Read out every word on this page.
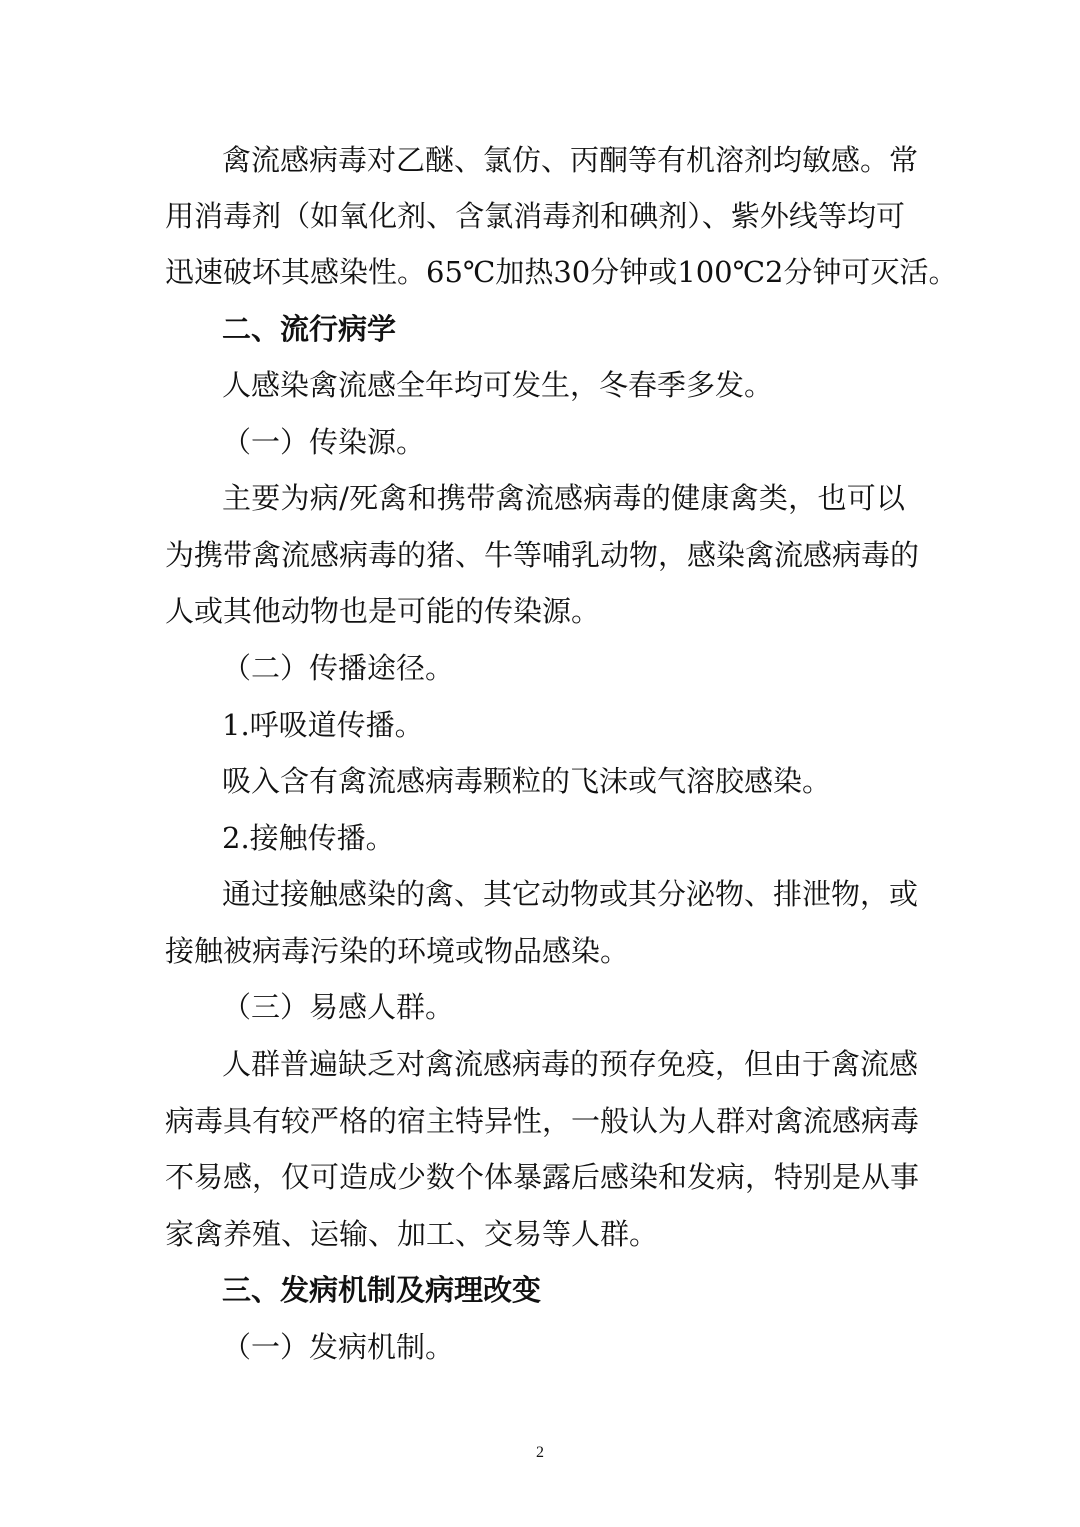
禽流感病毒对乙醚、氯仿、丙酮等有机溶剂均敏感。常
用消毒剂（如氧化剂、含氯消毒剂和碘剂）、紫外线等均可
迅速破坏其感染性。65℃加热30分钟或100℃2分钟可灭活。
二、流行病学
人感染禽流感全年均可发生，冬春季多发。
（一）传染源。
主要为病/死禽和携带禽流感病毒的健康禽类，也可以
为携带禽流感病毒的猪、牛等哺乳动物，感染禽流感病毒的
人或其他动物也是可能的传染源。
（二）传播途径。
1.呼吸道传播。
吸入含有禽流感病毒颗粒的飞沫或气溶胶感染。
2.接触传播。
通过接触感染的禽、其它动物或其分泌物、排泄物，或
接触被病毒污染的环境或物品感染。
（三）易感人群。
人群普遍缺乏对禽流感病毒的预存免疫，但由于禽流感
病毒具有较严格的宿主特异性，一般认为人群对禽流感病毒
不易感，仅可造成少数个体暴露后感染和发病，特别是从事
家禽养殖、运输、加工、交易等人群。
三、发病机制及病理改变
（一）发病机制。
2
